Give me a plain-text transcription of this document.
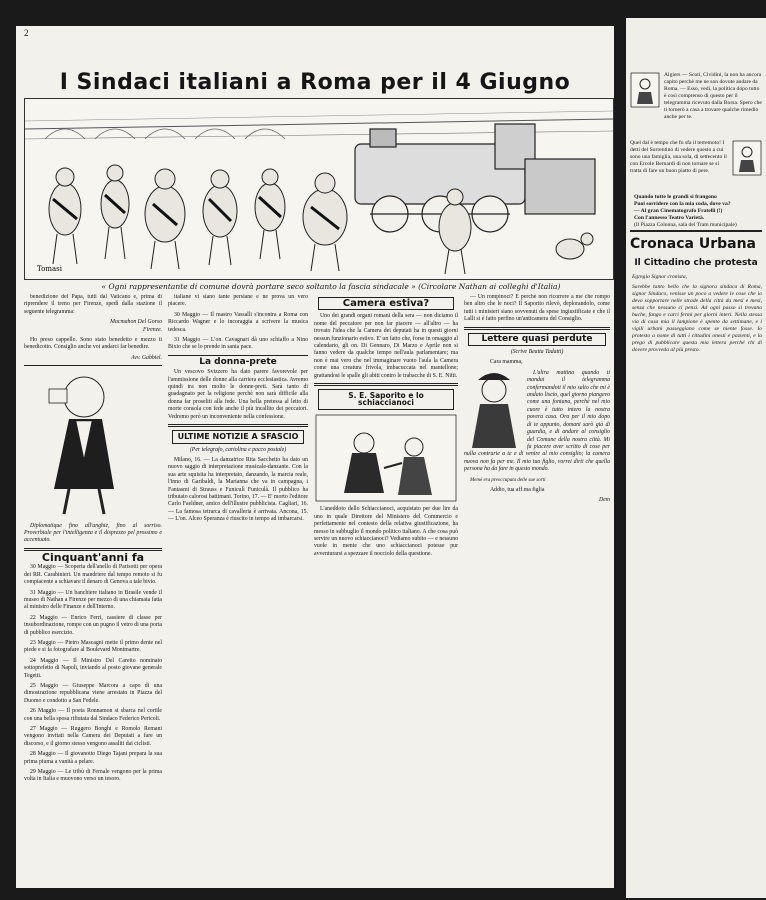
2
I Sindaci italiani a Roma per il 4 Giugno
Tomasi
« Ogni rappresentante di comune dovrà portare seco soltanto la fascia sindacale » (Circolare Nathan ai colleghi d'Italia)

benedizione del Papa, tutti dal Vaticano e, prima di riprendere il treno per Firenze, spedì dalla stazione il seguente telegramma:

Macmahon Del Gorso
Firenze.

Ho preso cappello. Sono stato benedetto e mezzo ti benedicotto. Consiglio anche voi andarci far benedire.

Avv. Gabbiel.

Diplomatique fino all'unghie, fino al sorriso. Proverbiale per l'intelligenza e il disprezzo pel prossimo e accentuato.

Cinquant'anni fa

30 Maggio — Scoperta dell'anello di Parisotti per opera dei RR. Carabinieri. Un mandriere dal tempo remoto si fu compiacente a schiavare il denaro di Genova a tale bivio.

31 Maggio — Un banchiere italiano in Brasile vende il museo di Nathan a Firenze per mezzo di una chiamata fatta al ministro delle Finanze e dell'Interno.

22 Maggio — Enrico Ferri, cassiere di classe per insubordinazione, rompe con un pugno il vetro di una porta di pubblico esercizio.

23 Maggio — Pietro Mascagni mette il primo dente nel piede e si fa fotografare al Boulevard Montmartre.

24 Maggio — Il Ministro Del Caretto nominato sottoprefetto di Napoli, inviando al posto giovane generale Tegetti.

25 Maggio — Giuseppe Marcora a capo di una dimostrazione repubblicana viene arrestato in Piazza del Duomo e condotto a San Fedele.

26 Maggio — Il poeta Ronnamon si sbarca nel cortile con una bella sposa rifiutata dal Sindaco Federico Pericoli.

27 Maggio — Ruggero Bonghi e Romolo Remani vengono invitati nella Camera dei Deputati a fare un discorso, e il giorno stesso vengono assaliti dai ciclisti.

28 Maggio — Il giovanotto Diego Tajani prepara la sua prima piuma a vanità a pelare.

29 Maggio — Le tribù di Fernale vengono per la prima volta in Italia e muovono verso un tesoro.

italiane vi siano tante persiane e ne prova un vero piacere.

30 Maggio — Il mastro Vassalli s'incontra a Roma con Riccardo Wagner e lo incoraggia a scrivere la musica tedesca.

31 Maggio — L'on. Cavagnari dà uno schiaffo a Nino Bixio che se lo prende in santa pace.

La donna-prete

Un vescovo Svizzero ha dato parere favorevole per l'ammissione delle donne alla carriera ecclesiastica. Avremo quindi tra non molto le donne-preti. Sarà tanto di guadagnato per la religione perchè non sarà difficile alla donna far proseliti alla fede. Una bella pretessa al letto di morte consola con fede anche il più incallito dei peccatori. Vedremo però un inconveniente nella confessione.

ULTIME NOTIZIE A SFASCIO

(Per telegrafo, cartolina e pacco postale)

Milano, 16. — La danzatrice Rita Sacchetto ha dato un nuovo saggio di interpretazione musicale-danzante. Con la sua arte squisita ha interpretato, danzando, la marcia reale, l'inno di Garibaldi, la Marianna che va in campagna, i Fantasmi di Strauss e Funiculì Funiculà. Il pubblico ha tributato calorosi battimani. Torino, 17. — E' morto l'editore Carlo Faeldner, amico dell'illustre pubblicista. Cagliari, 16. — La famosa tetrarca di cavalleria è arrivata. Ancona, 15. — L'on. Alceo Speranza è riuscito in tempo ad imbarcarsi.

Camera estiva?

Uno dei grandi organi romani della sera — non diciamo il nome del peccatore per non far piacere — all'altro — ha trovato l'idea che la Camera dei deputati ha in questi giorni nessun funzionario estivo. E' un fatto che, forse in omaggio al calendario, gli on. Di Gennaro, Di Marzo e Aprile non si fanno vedere da qualche tempo nell'aula parlamentare; ma non è mai vero che nel immaginare vuoto l'aula la Camera come una creatura frivola, imbacuccata nel mantellone; grattandosi le spalle gli abiti contro le trabacche di S. E. Nitti.

S. E. Saporito e lo schiaccianoci

L'aneddoto dello Schiaccianoci, acquistato per due lire da uno in quale Direttore del Ministero del Commercio e perfettamente nel contesto della relativa giustificazione, ha messo in subbuglio il mondo politico italiano. A che cosa può servire un nuovo schiaccianoci? Vediamo subito — e nessuno vuole in mente che uno schiaccianoci potesse pur avventurarsi a spezzare il nocciolo della questione.

— Un rompinoci? E perchè non ricorrere a me che rompo ben altro che le noci? Il Saporito rilevò, deplorandolo, come tutti i ministeri siano sovvenuti da spese ingiustificate e che il Lalli si è fatto perfino un'anticamera del Consiglio.

Lettere quasi perdute

(Scrive Beatta Tadatti)

Cara mamma,

L'altra mattina quando ti mandai il telegramma confermandoti il mio salto che mi è andato liscio, quel giorno piangevo come una fontana, perchè nel mio cuore è tutto intero la nostra povera casa. Ora per il mio dopo di te appunto, domani sarò già di guardia, e di andare al consiglio del Comune della nostra città. Mi fa piacere aver scritto di cose per nulla contrarie a te e di venire al mio consiglio; la camera nuova non fa per me. Il mio tuo figlio, vorrei dirti che quella persona ha da fare in questo mondo.

Memé era preoccupata delle sue sorti

Addio, tua aff.ma figlia

Dem

Algiers — Scoti, Cividini, la non ha ancora capito perchè me ne son dovute andare da Roma. — Esso, vedi, la politica dopo tutto è così comprenso di questo per il telegramma ricevuto dalla Borsa. Spero che ti tornerò a casa a trovare qualche rimedio anche per te.
Quel dal è tempo che fu sfa il terremoto! I detti del Sorrentino di vedere questo a cui sono una famiglia, una sola, di settecento il con Ercole Bernardi di non tornare se si tratta di fare un buon piatto di pere.
Quando tutte le grandi si frangono
Puoi sorridere con la mia coda, dove va?
— Al gran Cinematografo Fratelli (!)
Con l'annesso Teatro Varietà.
(Il Piazza Colonna, sala del Tram municipale)
Cronaca Urbana
Il Cittadino che protesta
Egregio Signor cronista,
Sarebbe tanto bello che la signora sindaca di Roma, signor Sindaco, venisse un poco a vedere le cose che io devo sopportare nelle strade della città da mesi e mesi, senza che nessuno ci pensi. Ad ogni passo si trovano buche, fango e carri fermi per giorni interi. Nella stessa via di casa mia il lampione è spento da settimane, e i vigili urbani passeggiano come se niente fosse. Io protesto a nome di tutti i cittadini onesti e pazienti, e la prego di pubblicare questa mia lettera perché chi di dovere provveda al più presto.
